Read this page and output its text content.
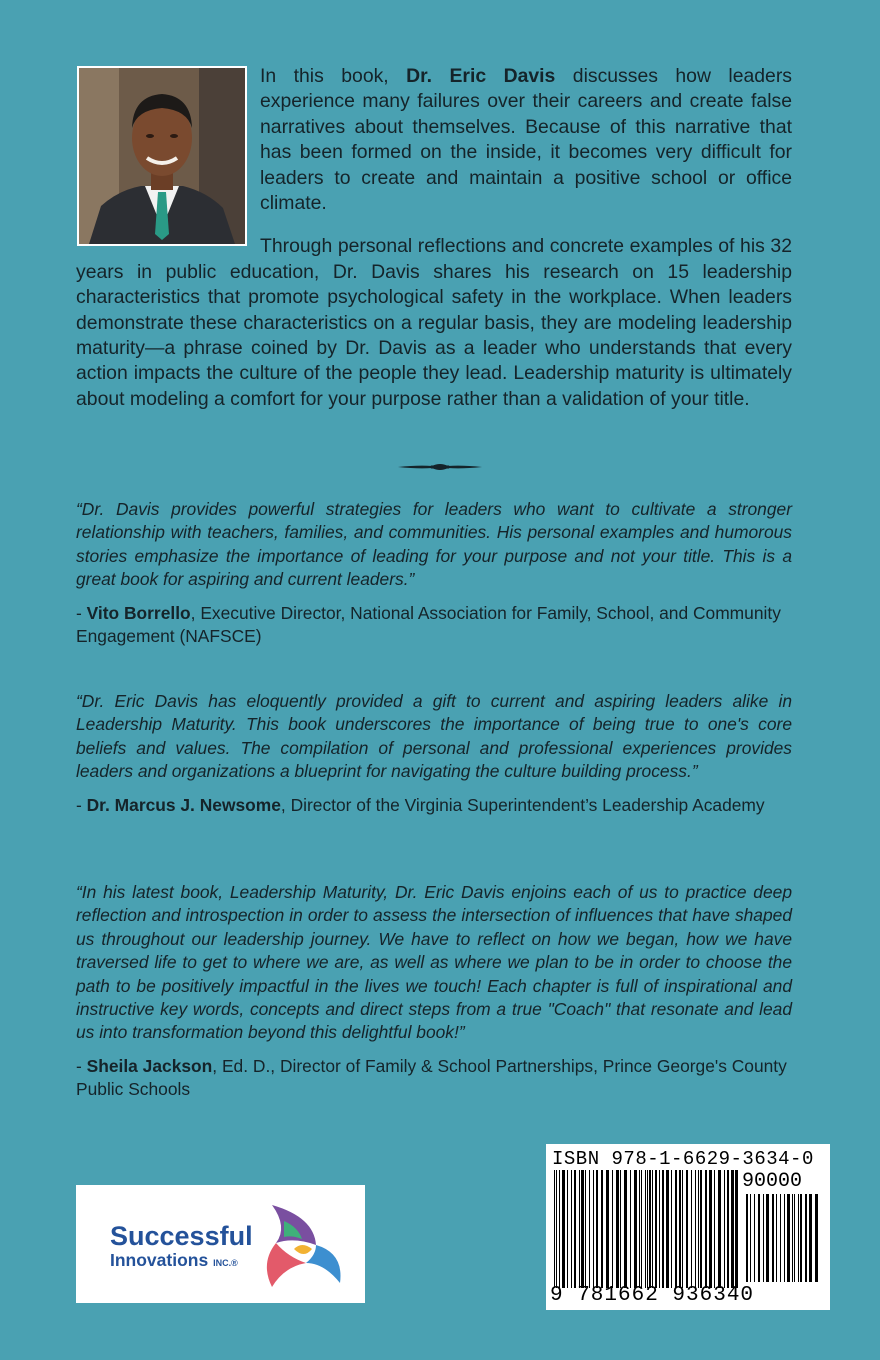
In this book, Dr. Eric Davis discusses how leaders experience many failures over their careers and create false narratives about themselves. Because of this narrative that has been formed on the inside, it becomes very difficult for leaders to create and maintain a positive school or office climate.

Through personal reflections and concrete examples of his 32 years in public education, Dr. Davis shares his research on 15 leadership characteristics that promote psychological safety in the workplace. When leaders demonstrate these characteristics on a regular basis, they are modeling leadership maturity—a phrase coined by Dr. Davis as a leader who understands that every action impacts the culture of the people they lead. Leadership maturity is ultimately about modeling a comfort for your purpose rather than a validation of your title.

“Dr. Davis provides powerful strategies for leaders who want to cultivate a stronger relationship with teachers, families, and communities. His personal examples and humorous stories emphasize the importance of leading for your purpose and not your title. This is a great book for aspiring and current leaders.”

- Vito Borrello, Executive Director, National Association for Family, School, and Community Engagement (NAFSCE)

“Dr. Eric Davis has eloquently provided a gift to current and aspiring leaders alike in Leadership Maturity. This book underscores the importance of being true to one's core beliefs and values. The compilation of personal and professional experiences provides leaders and organizations a blueprint for navigating the culture building process.”

- Dr. Marcus J. Newsome, Director of the Virginia Superintendent’s Leadership Academy

“In his latest book, Leadership Maturity, Dr. Eric Davis enjoins each of us to practice deep reflection and introspection in order to assess the intersection of influences that have shaped us throughout our leadership journey. We have to reflect on how we began, how we have traversed life to get to where we are, as well as where we plan to be in order to choose the path to be positively impactful in the lives we touch! Each chapter is full of inspirational and instructive key words, concepts and direct steps from a true "Coach" that resonate and lead us into transformation beyond this delightful book!”

- Sheila Jackson, Ed. D., Director of Family & School Partnerships, Prince George's County Public Schools

Successful
Innovations INC.®
ISBN 978-1-6629-3634-0
90000
9 781662 936340
